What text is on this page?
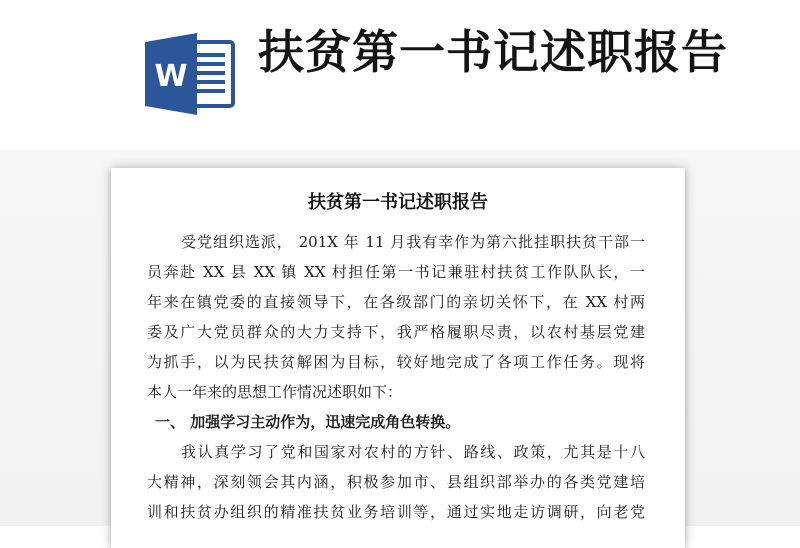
W 扶贫第一书记述职报告
扶贫第一书记述职报告
受党组织选派， 201X 年 11 月我有幸作为第六批挂职扶贫干部一
员奔赴 XX 县 XX 镇 XX 村担任第一书记兼驻村扶贫工作队队长，一
年来在镇党委的直接领导下，在各级部门的亲切关怀下，在 XX 村两
委及广大党员群众的大力支持下，我严格履职尽责，以农村基层党建
为抓手，以为民扶贫解困为目标，较好地完成了各项工作任务。现将
本人一年来的思想工作情况述职如下：
一、 加强学习主动作为，迅速完成角色转换。
我认真学习了党和国家对农村的方针、路线、政策，尤其是十八
大精神，深刻领会其内涵，积极参加市、县组织部举办的各类党建培
训和扶贫办组织的精准扶贫业务培训等，通过实地走访调研，向老党
